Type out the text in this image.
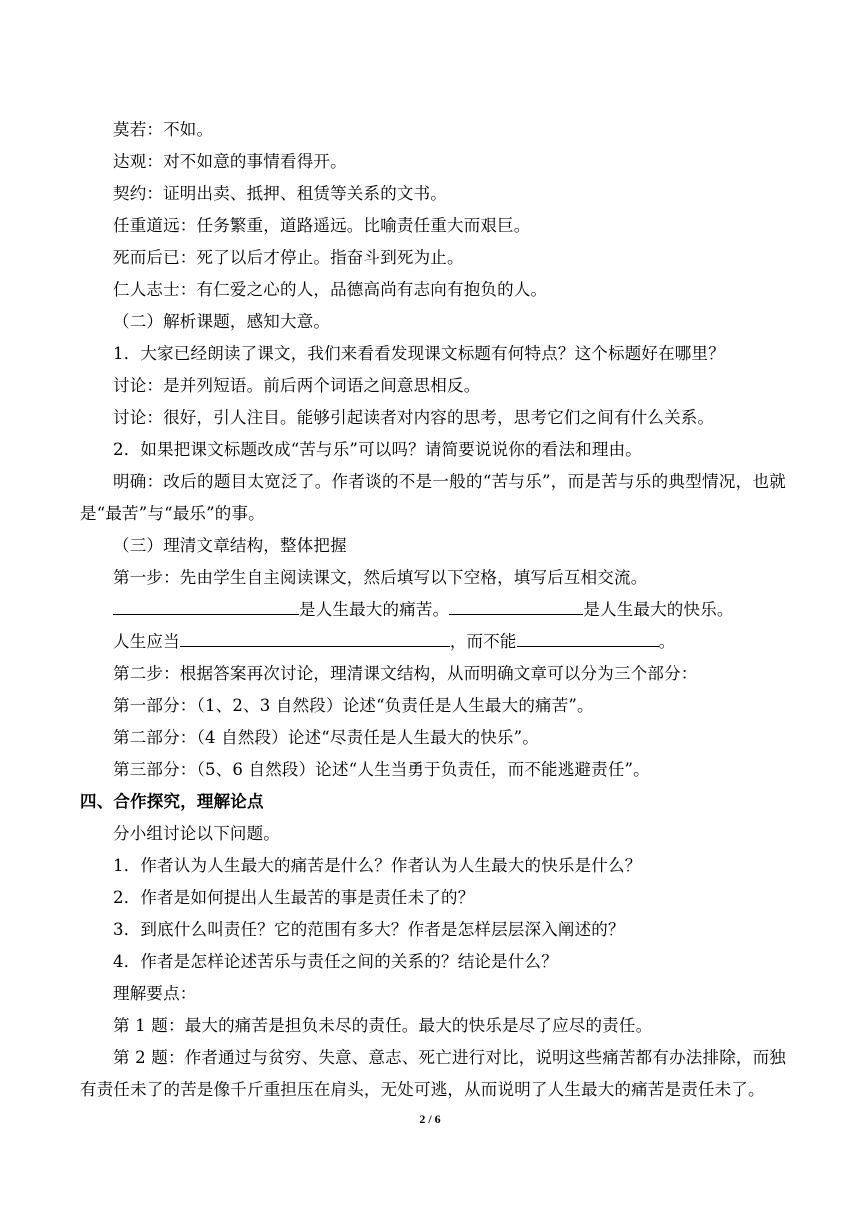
莫若：不如。
达观：对不如意的事情看得开。
契约：证明出卖、抵押、租赁等关系的文书。
任重道远：任务繁重，道路遥远。比喻责任重大而艰巨。
死而后已：死了以后才停止。指奋斗到死为止。
仁人志士：有仁爱之心的人，品德高尚有志向有抱负的人。
（二）解析课题，感知大意。
1．大家已经朗读了课文，我们来看看发现课文标题有何特点？这个标题好在哪里？
讨论：是并列短语。前后两个词语之间意思相反。
讨论：很好，引人注目。能够引起读者对内容的思考，思考它们之间有什么关系。
2．如果把课文标题改成“苦与乐”可以吗？请简要说说你的看法和理由。
明确：改后的题目太宽泛了。作者谈的不是一般的“苦与乐”，而是苦与乐的典型情况，也就是“最苦”与“最乐”的事。
（三）理清文章结构，整体把握
第一步：先由学生自主阅读课文，然后填写以下空格，填写后互相交流。
是人生最大的痛苦。	是人生最大的快乐。
人生应当	，而不能	。
第二步：根据答案再次讨论，理清课文结构，从而明确文章可以分为三个部分：
第一部分：（1、2、3 自然段）论述“负责任是人生最大的痛苦”。
第二部分：（4 自然段）论述“尽责任是人生最大的快乐”。
第三部分：（5、6 自然段）论述“人生当勇于负责任，而不能逃避责任”。
四、合作探究，理解论点
分小组讨论以下问题。
1．作者认为人生最大的痛苦是什么？作者认为人生最大的快乐是什么？
2．作者是如何提出人生最苦的事是责任未了的？
3．到底什么叫责任？它的范围有多大？作者是怎样层层深入阐述的？
4．作者是怎样论述苦乐与责任之间的关系的？结论是什么？
理解要点：
第 1 题：最大的痛苦是担负未尽的责任。最大的快乐是尽了应尽的责任。
第 2 题：作者通过与贫穷、失意、意志、死亡进行对比，说明这些痛苦都有办法排除，而独有责任未了的苦是像千斤重担压在肩头，无处可逃，从而说明了人生最大的痛苦是责任未了。
2 / 6
